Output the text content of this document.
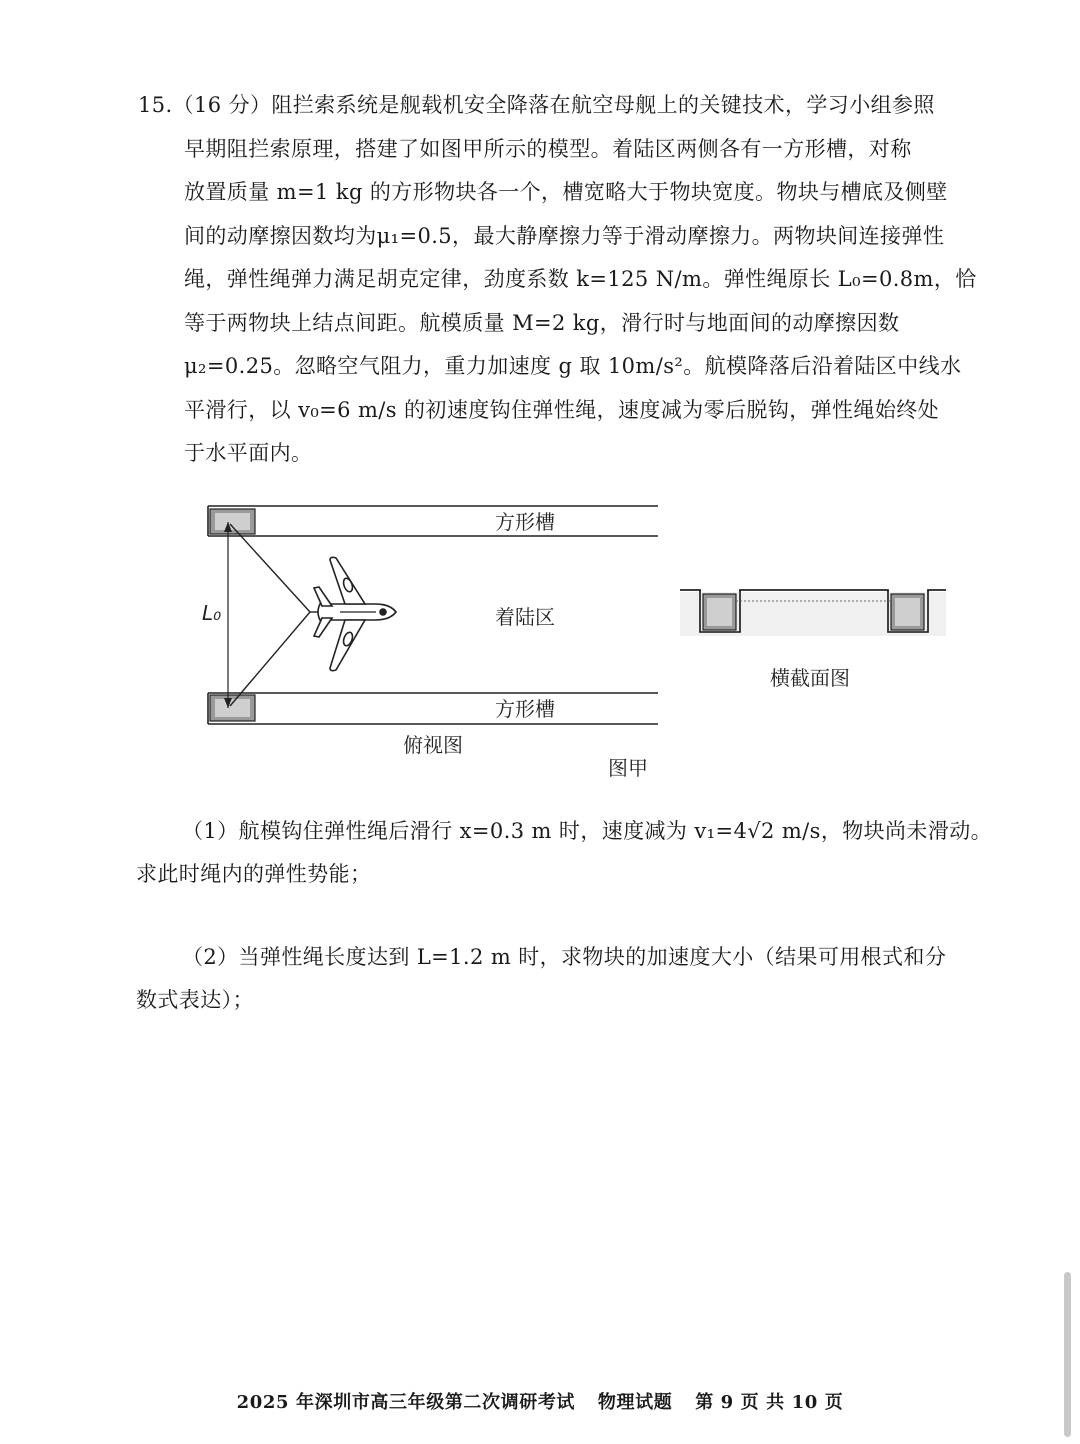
15.（16 分）阻拦索系统是舰载机安全降落在航空母舰上的关键技术，学习小组参照
早期阻拦索原理，搭建了如图甲所示的模型。着陆区两侧各有一方形槽，对称
放置质量 m=1 kg 的方形物块各一个，槽宽略大于物块宽度。物块与槽底及侧壁
间的动摩擦因数均为μ₁=0.5，最大静摩擦力等于滑动摩擦力。两物块间连接弹性
绳，弹性绳弹力满足胡克定律，劲度系数 k=125 N/m。弹性绳原长 L₀=0.8m，恰
等于两物块上结点间距。航模质量 M=2 kg，滑行时与地面间的动摩擦因数
μ₂=0.25。忽略空气阻力，重力加速度 g 取 10m/s²。航模降落后沿着陆区中线水
平滑行，以 v₀=6 m/s 的初速度钩住弹性绳，速度减为零后脱钩，弹性绳始终处
于水平面内。
方形槽
方形槽
L₀	着陆区
俯视图
横截面图
图甲
（1）航模钩住弹性绳后滑行 x=0.3 m 时，速度减为 v₁=4√2 m/s，物块尚未滑动。
求此时绳内的弹性势能；
（2）当弹性绳长度达到 L=1.2 m 时，求物块的加速度大小（结果可用根式和分
数式表达）；
2025 年深圳市高三年级第二次调研考试 物理试题 第 9 页 共 10 页
